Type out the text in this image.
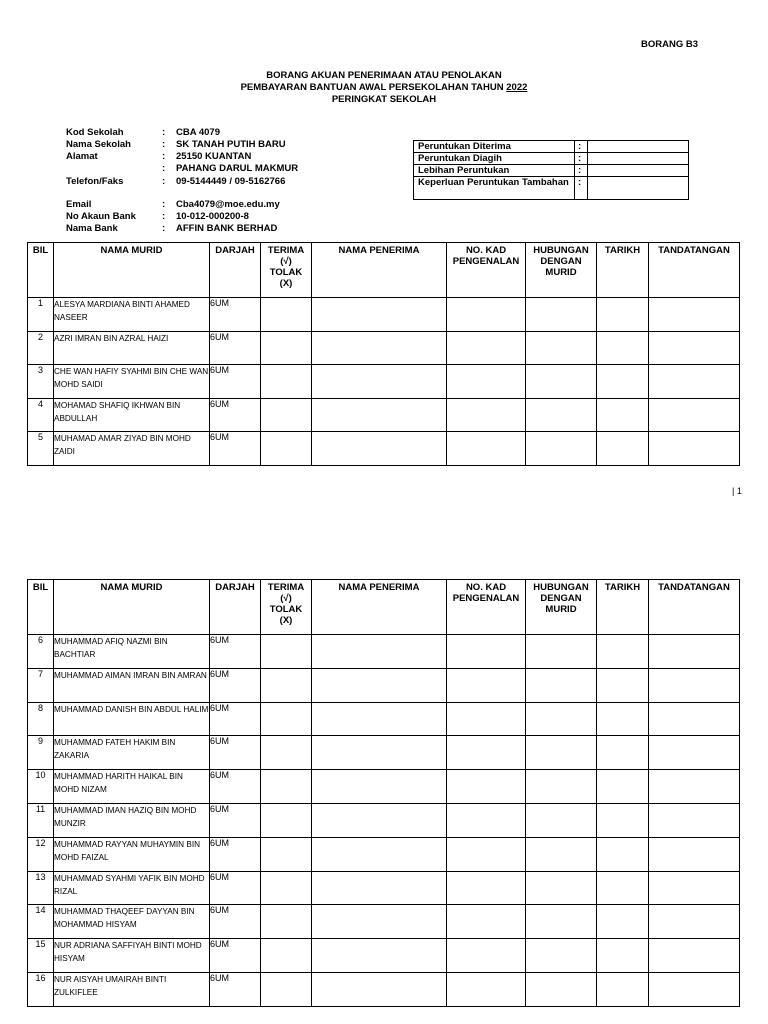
BORANG B3
BORANG AKUAN PENERIMAAN ATAU PENOLAKAN
PEMBAYARAN BANTUAN AWAL PERSEKOLAHAN TAHUN 2022
PERINGKAT SEKOLAH
Kod Sekolah	: CBA 4079
Nama Sekolah	: SK TANAH PUTIH BARU
Alamat	: 25150 KUANTAN
: PAHANG DARUL MAKMUR
Telefon/Faks	: 09-5144449 / 09-5162766
Email	: Cba4079@moe.edu.my
No Akaun Bank	: 10-012-000200-8
Nama Bank	: AFFIN BANK BERHAD
Peruntukan Diterima	:	
Peruntukan Diagih	:	
Lebihan Peruntukan	:	
Keperluan Peruntukan Tambahan	:	
BIL	NAMA MURID	DARJAH	TERIMA
(√)
TOLAK
(X)	NAMA PENERIMA	NO. KAD PENGENALAN	HUBUNGAN DENGAN MURID	TARIKH	TANDATANGAN
1	ALESYA MARDIANA BINTI AHAMED NASEER	6UM						
2	AZRI IMRAN BIN AZRAL HAIZI	6UM						
3	CHE WAN HAFIY SYAHMI BIN CHE WAN MOHD SAIDI	6UM						
4	MOHAMAD SHAFIQ IKHWAN BIN ABDULLAH	6UM						
5	MUHAMAD AMAR ZIYAD BIN MOHD ZAIDI	6UM						
| 1
BIL	NAMA MURID	DARJAH	TERIMA
(√)
TOLAK
(X)	NAMA PENERIMA	NO. KAD PENGENALAN	HUBUNGAN DENGAN MURID	TARIKH	TANDATANGAN
6	MUHAMMAD AFIQ NAZMI BIN BACHTIAR	6UM						
7	MUHAMMAD AIMAN IMRAN BIN AMRAN	6UM						
8	MUHAMMAD DANISH BIN ABDUL HALIM	6UM						
9	MUHAMMAD FATEH HAKIM BIN ZAKARIA	6UM						
10	MUHAMMAD HARITH HAIKAL BIN MOHD NIZAM	6UM						
11	MUHAMMAD IMAN HAZIQ BIN MOHD MUNZIR	6UM						
12	MUHAMMAD RAYYAN MUHAYMIN BIN MOHD FAIZAL	6UM						
13	MUHAMMAD SYAHMI YAFIK BIN MOHD RIZAL	6UM						
14	MUHAMMAD THAQEEF DAYYAN BIN MOHAMMAD HISYAM	6UM						
15	NUR ADRIANA SAFFIYAH BINTI MOHD HISYAM	6UM						
16	NUR AISYAH UMAIRAH BINTI ZULKIFLEE	6UM						
